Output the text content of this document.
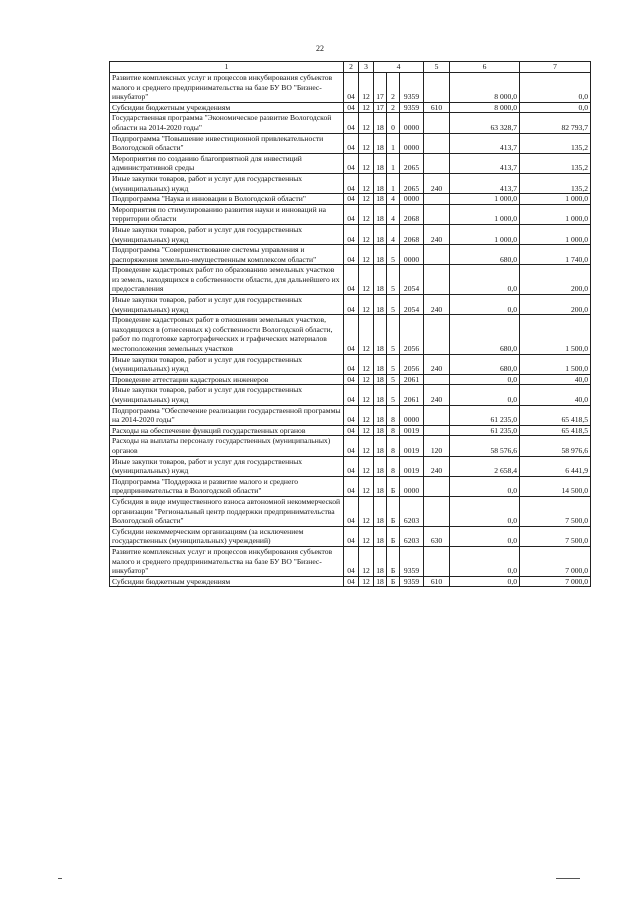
22
1	2	3	4			5	6	7
Развитие комплексных услуг и процессов инкубирования субъектов малого и среднего предпринимательства на базе БУ ВО "Бизнес-инкубатор"	04	12	17	2	9359		8 000,0	0,0
Субсидии бюджетным учреждениям	04	12	17	2	9359	610	8 000,0	0,0
Государственная программа "Экономическое развитие Вологодской области на 2014-2020 годы"	04	12	18	0	0000		63 328,7	82 793,7
Подпрограмма "Повышение инвестиционной привлекательности Вологодской области"	04	12	18	1	0000		413,7	135,2
Мероприятия по созданию благоприятной для инвестиций административной среды	04	12	18	1	2065		413,7	135,2
Иные закупки товаров, работ и услуг для государственных (муниципальных) нужд	04	12	18	1	2065	240	413,7	135,2
Подпрограмма "Наука и инновации в Вологодской области"	04	12	18	4	0000		1 000,0	1 000,0
Мероприятия по стимулированию развития науки и инноваций на территории области	04	12	18	4	2068		1 000,0	1 000,0
Иные закупки товаров, работ и услуг для государственных (муниципальных) нужд	04	12	18	4	2068	240	1 000,0	1 000,0
Подпрограмма "Совершенствование системы управления и распоряжения земельно-имущественным комплексом области"	04	12	18	5	0000		680,0	1 740,0
Проведение кадастровых работ по образованию земельных участков из земель, находящихся в собственности области, для дальнейшего их предоставления	04	12	18	5	2054		0,0	200,0
Иные закупки товаров, работ и услуг для государственных (муниципальных) нужд	04	12	18	5	2054	240	0,0	200,0
Проведение кадастровых работ в отношении земельных участков, находящихся в (отнесенных к) собственности Вологодской области, работ по подготовке картографических и графических материалов местоположения земельных участков	04	12	18	5	2056		680,0	1 500,0
Иные закупки товаров, работ и услуг для государственных (муниципальных) нужд	04	12	18	5	2056	240	680,0	1 500,0
Проведение аттестации кадастровых инженеров	04	12	18	5	2061		0,0	40,0
Иные закупки товаров, работ и услуг для государственных (муниципальных) нужд	04	12	18	5	2061	240	0,0	40,0
Подпрограмма "Обеспечение реализации государственной программы на 2014-2020 годы"	04	12	18	8	0000		61 235,0	65 418,5
Расходы на обеспечение функций государственных органов	04	12	18	8	0019		61 235,0	65 418,5
Расходы на выплаты персоналу государственных (муниципальных) органов	04	12	18	8	0019	120	58 576,6	58 976,6
Иные закупки товаров, работ и услуг для государственных (муниципальных) нужд	04	12	18	8	0019	240	2 658,4	6 441,9
Подпрограмма "Поддержка и развитие малого и среднего предпринимательства в Вологодской области"	04	12	18	Б	0000		0,0	14 500,0
Субсидия в виде имущественного взноса автономной некоммерческой организации "Региональный центр поддержки предпринимательства Вологодской области"	04	12	18	Б	6203		0,0	7 500,0
Субсидии некоммерческим организациям (за исключением государственных (муниципальных) учреждений)	04	12	18	Б	6203	630	0,0	7 500,0
Развитие комплексных услуг и процессов инкубирования субъектов малого и среднего предпринимательства на базе БУ ВО "Бизнес-инкубатор"	04	12	18	Б	9359		0,0	7 000,0
Субсидии бюджетным учреждениям	04	12	18	Б	9359	610	0,0	7 000,0
